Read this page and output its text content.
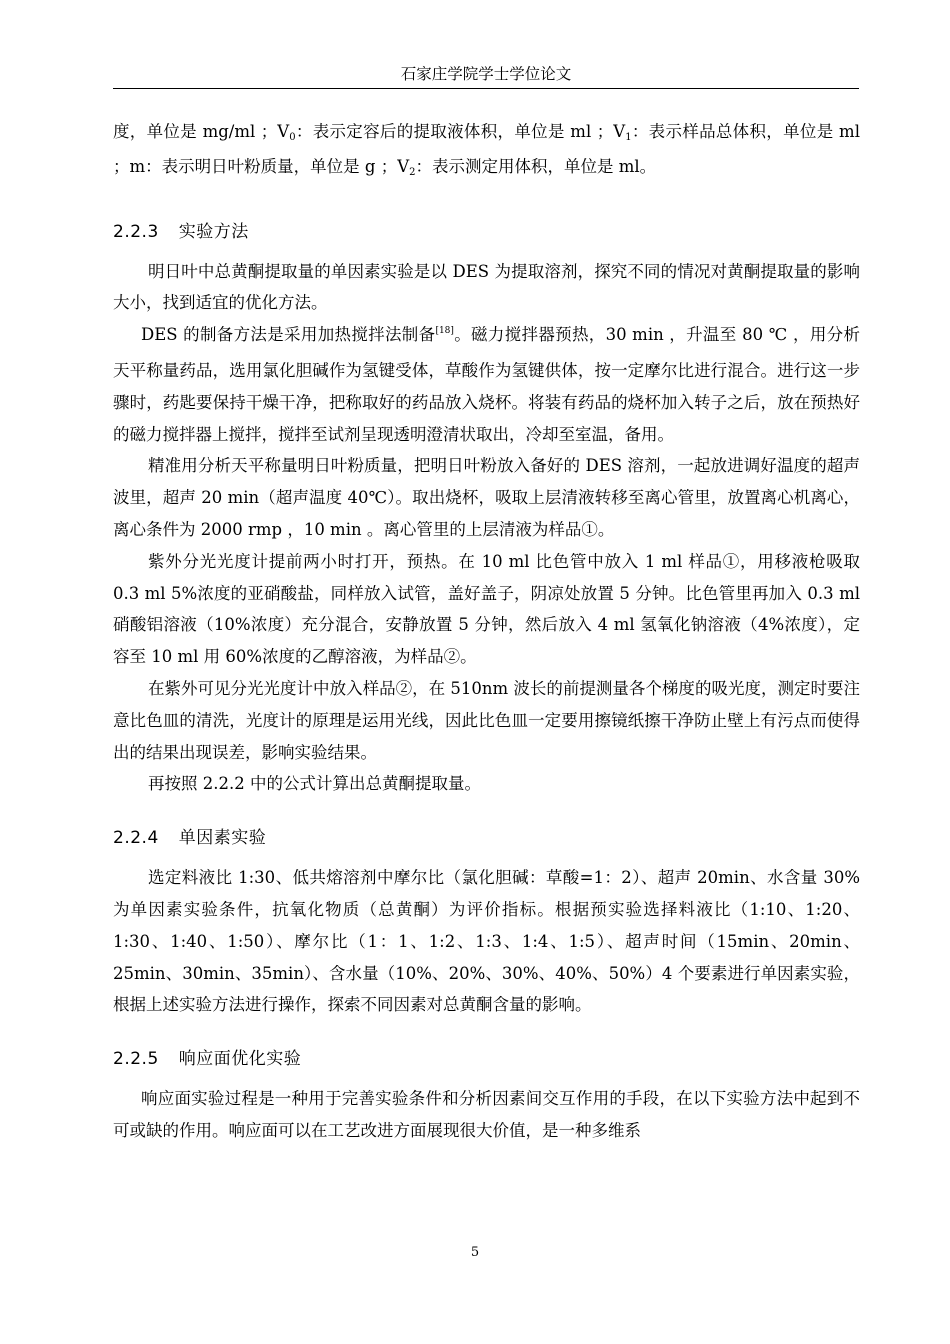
石家庄学院学士学位论文

度，单位是 mg/ml ；$V_0$：表示定容后的提取液体积，单位是 ml ；$V_1$：表示样品总体积，单位是 ml ；m：表示明日叶粉质量，单位是 g ；$V_2$：表示测定用体积，单位是 ml。

2.2.3 实验方法

明日叶中总黄酮提取量的单因素实验是以 DES 为提取溶剂，探究不同的情况对黄酮提取量的影响大小，找到适宜的优化方法。

DES 的制备方法是采用加热搅拌法制备[18]。磁力搅拌器预热，30 min ，升温至 80 ℃ ，用分析天平称量药品，选用氯化胆碱作为氢键受体，草酸作为氢键供体，按一定摩尔比进行混合。进行这一步骤时，药匙要保持干燥干净，把称取好的药品放入烧杯。将装有药品的烧杯加入转子之后，放在预热好的磁力搅拌器上搅拌，搅拌至试剂呈现透明澄清状取出，冷却至室温，备用。

精准用分析天平称量明日叶粉质量，把明日叶粉放入备好的 DES 溶剂，一起放进调好温度的超声波里，超声 20 min（超声温度 40℃）。取出烧杯，吸取上层清液转移至离心管里，放置离心机离心，离心条件为 2000 rmp ，10 min 。离心管里的上层清液为样品①。

紫外分光光度计提前两小时打开，预热。在 10 ml 比色管中放入 1 ml 样品①，用移液枪吸取 0.3 ml 5%浓度的亚硝酸盐，同样放入试管，盖好盖子，阴凉处放置 5 分钟。比色管里再加入 0.3 ml 硝酸铝溶液（10%浓度）充分混合，安静放置 5 分钟，然后放入 4 ml 氢氧化钠溶液（4%浓度），定容至 10 ml 用 60%浓度的乙醇溶液，为样品②。

在紫外可见分光光度计中放入样品②，在 510nm 波长的前提测量各个梯度的吸光度，测定时要注意比色皿的清洗，光度计的原理是运用光线，因此比色皿一定要用擦镜纸擦干净防止壁上有污点而使得出的结果出现误差，影响实验结果。

再按照 2.2.2 中的公式计算出总黄酮提取量。

2.2.4 单因素实验

选定料液比 1:30、低共熔溶剂中摩尔比（氯化胆碱：草酸=1：2）、超声 20min、水含量 30%为单因素实验条件，抗氧化物质（总黄酮）为评价指标。根据预实验选择料液比（1:10、1:20、1:30、1:40、1:50）、摩尔比（1：1、1:2、1:3、1:4、1:5）、超声时间（15min、20min、25min、30min、35min）、含水量（10%、20%、30%、40%、50%）4 个要素进行单因素实验，根据上述实验方法进行操作，探索不同因素对总黄酮含量的影响。

2.2.5 响应面优化实验

响应面实验过程是一种用于完善实验条件和分析因素间交互作用的手段，在以下实验方法中起到不可或缺的作用。响应面可以在工艺改进方面展现很大价值，是一种多维系

5
